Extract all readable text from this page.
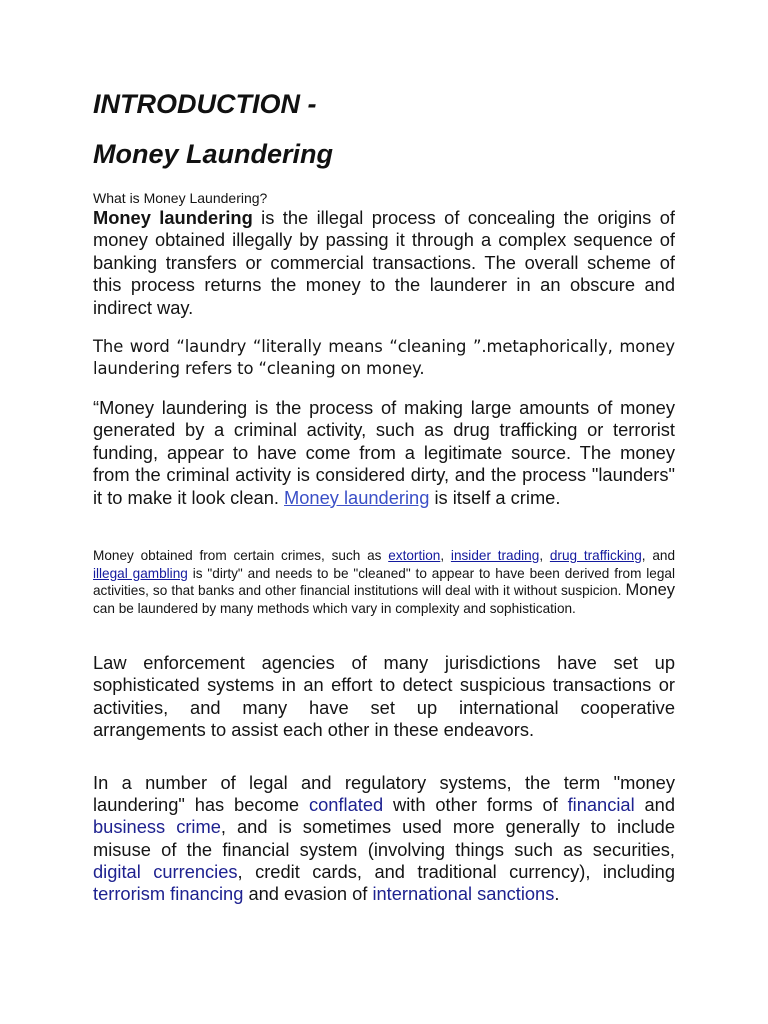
INTRODUCTION -
Money Laundering
What is Money Laundering?
Money laundering is the illegal process of concealing the origins of money obtained illegally by passing it through a complex sequence of banking transfers or commercial transactions. The overall scheme of this process returns the money to the launderer in an obscure and indirect way.
The word “laundry “literally means “cleaning ”.metaphorically, money laundering refers to “cleaning on money.
“Money laundering is the process of making large amounts of money generated by a criminal activity, such as drug trafficking or terrorist funding, appear to have come from a legitimate source. The money from the criminal activity is considered dirty, and the process "launders" it to make it look clean. Money laundering is itself a crime.
Money obtained from certain crimes, such as extortion, insider trading, drug trafficking, and illegal gambling is "dirty" and needs to be "cleaned" to appear to have been derived from legal activities, so that banks and other financial institutions will deal with it without suspicion. Money can be laundered by many methods which vary in complexity and sophistication.
Law enforcement agencies of many jurisdictions have set up sophisticated systems in an effort to detect suspicious transactions or activities, and many have set up international cooperative arrangements to assist each other in these endeavors.
In a number of legal and regulatory systems, the term "money laundering" has become conflated with other forms of financial and business crime, and is sometimes used more generally to include misuse of the financial system (involving things such as securities, digital currencies, credit cards, and traditional currency), including terrorism financing and evasion of international sanctions.
